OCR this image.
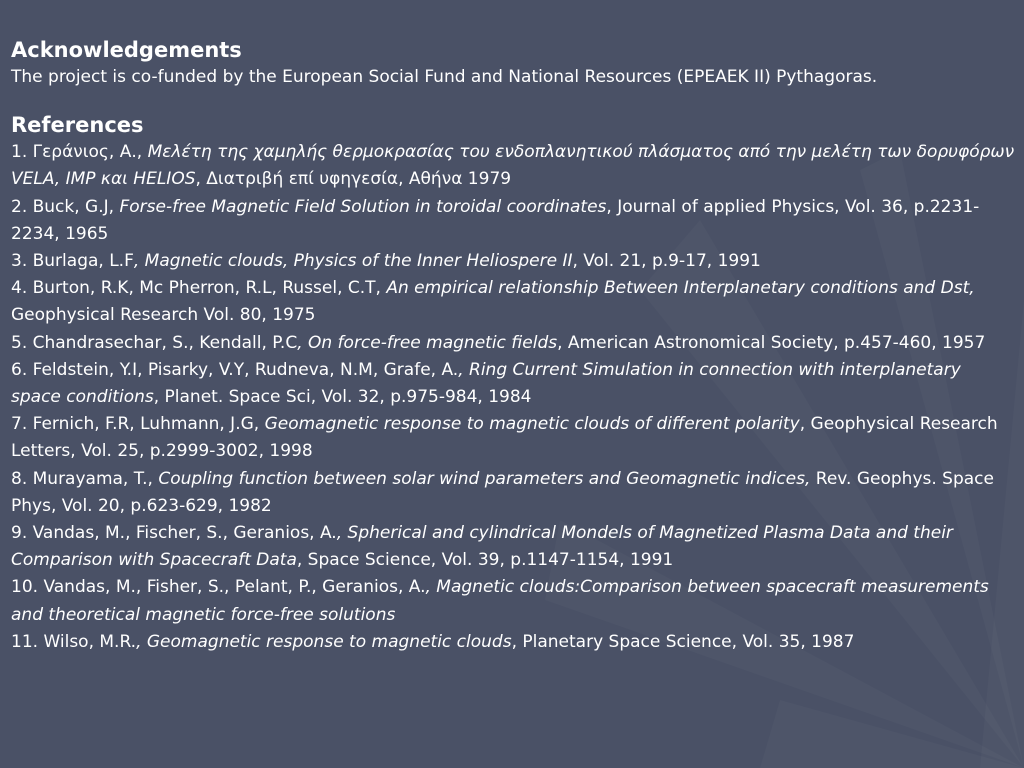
Acknowledgements

The project is co-funded by the European Social Fund and National Resources (EPEAEK II) Pythagoras.

References

1. Γεράνιος, Α., Μελέτη της χαμηλής θερμοκρασίας του ενδοπλανητικού πλάσματος από την μελέτη των δορυφόρων VELA, IMP και HELIOS, Διατριβή επί υφηγεσία, Αθήνα 1979

2. Buck, G.J, Forse-free Magnetic Field Solution in toroidal coordinates, Journal of applied Physics, Vol. 36, p.2231-2234, 1965

3. Burlaga, L.F, Magnetic clouds, Physics of the Inner Heliospere II, Vol. 21, p.9-17, 1991

4. Burton, R.K, Mc Pherron, R.L, Russel, C.T, An empirical relationship Between Interplanetary conditions and Dst, Geophysical Research Vol. 80, 1975

5. Chandrasechar, S., Kendall, P.C, On force-free magnetic fields, American Astronomical Society, p.457-460, 1957

6. Feldstein, Y.I, Pisarky, V.Y, Rudneva, N.M, Grafe, A., Ring Current Simulation in connection with interplanetary space conditions, Planet. Space Sci, Vol. 32, p.975-984, 1984

7. Fernich, F.R, Luhmann, J.G, Geomagnetic response to magnetic clouds of different polarity, Geophysical Research Letters, Vol. 25, p.2999-3002, 1998

8. Murayama, T., Coupling function between solar wind parameters and Geomagnetic indices, Rev. Geophys. Space Phys, Vol. 20, p.623-629, 1982

9. Vandas, M., Fischer, S., Geranios, A., Spherical and cylindrical Mondels of Magnetized Plasma Data and their Comparison with Spacecraft Data, Space Science, Vol. 39, p.1147-1154, 1991

10. Vandas, M., Fisher, S., Pelant, P., Geranios, A., Magnetic clouds:Comparison between spacecraft measurements and theoretical magnetic force-free solutions

11. Wilso, M.R., Geomagnetic response to magnetic clouds, Planetary Space Science, Vol. 35, 1987
